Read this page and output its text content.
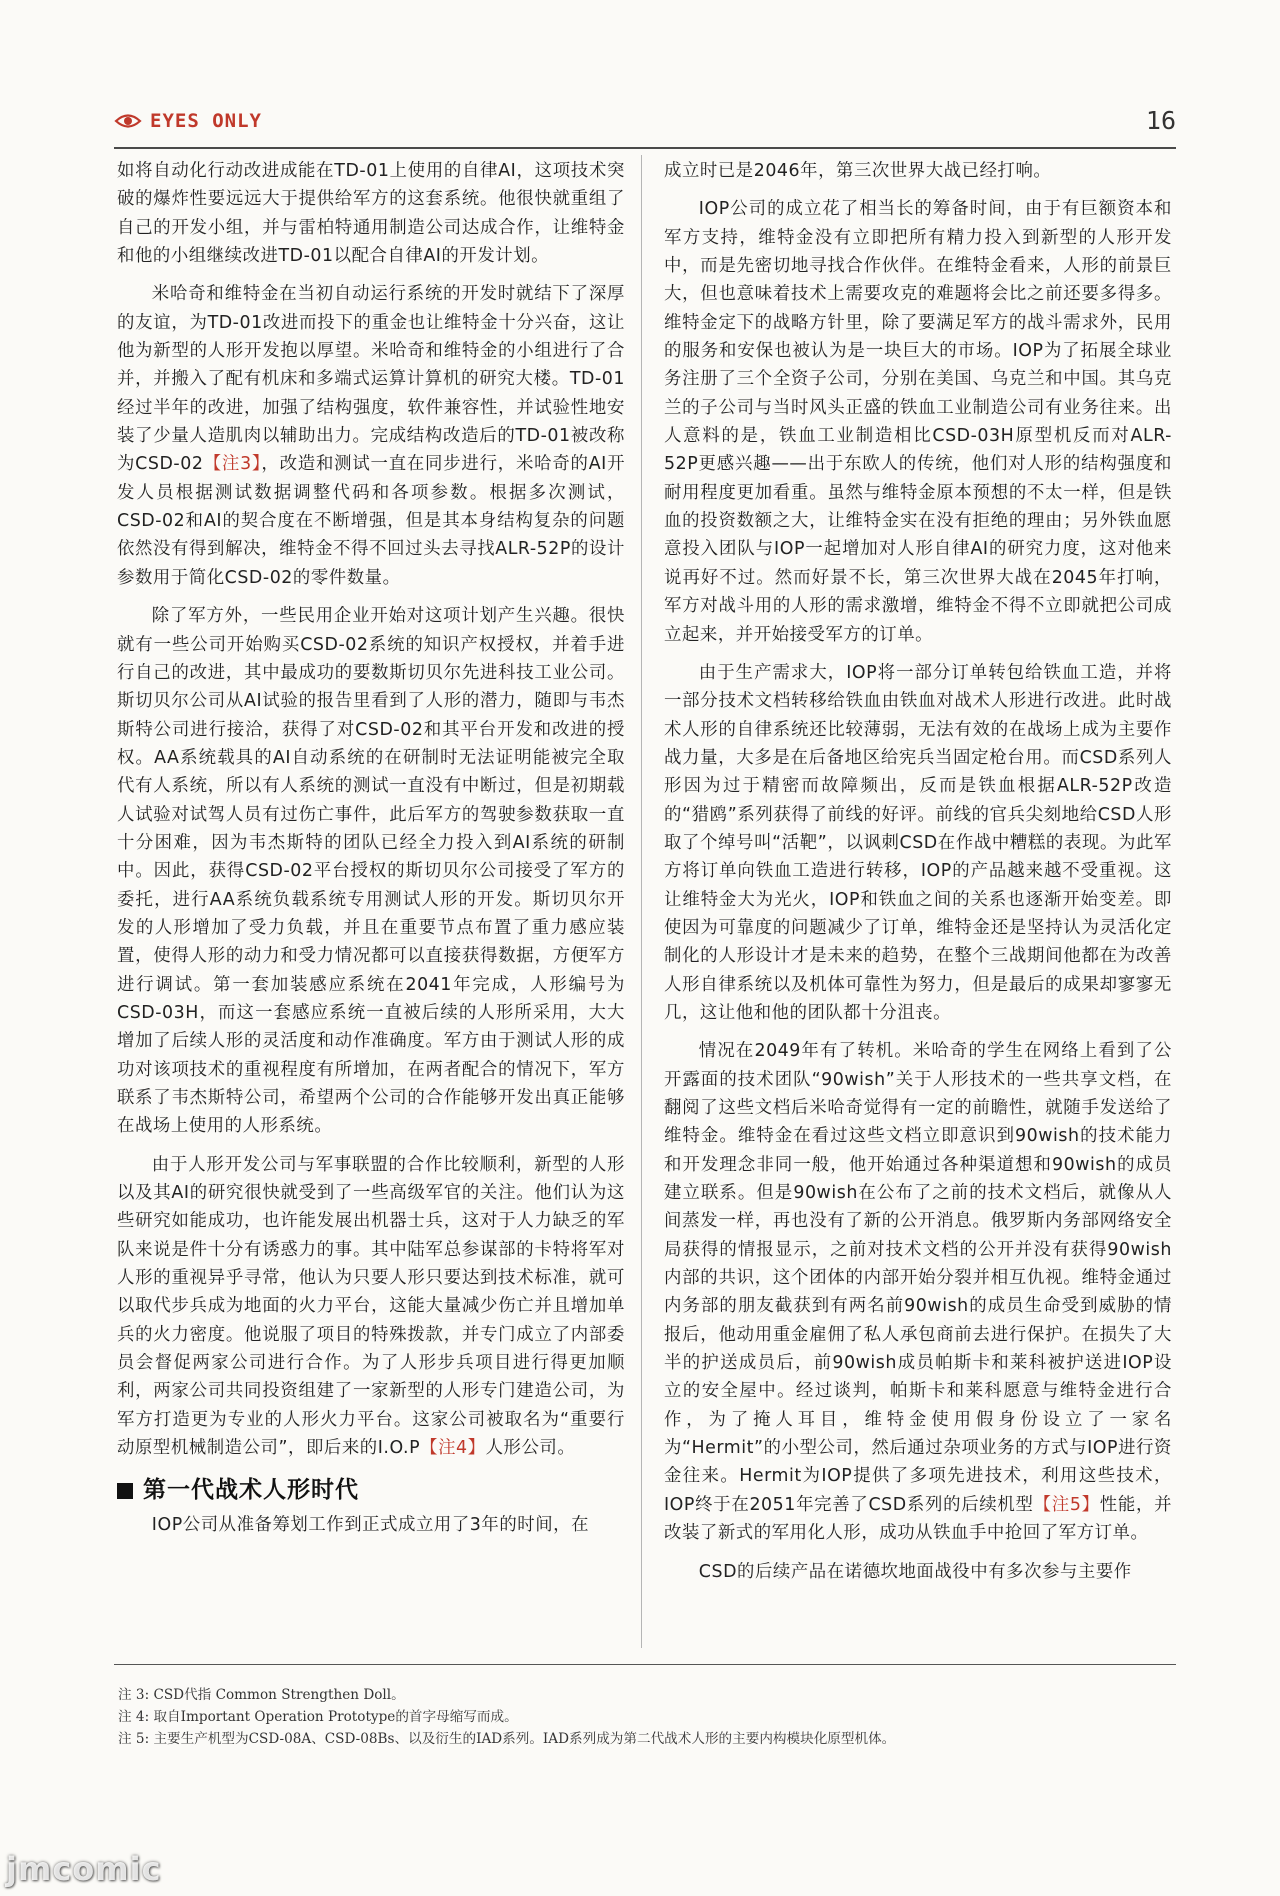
EYES ONLY	16

如将自动化行动改进成能在TD-01上使用的自律AI，这项技术突破的爆炸性要远远大于提供给军方的这套系统。他很快就重组了自己的开发小组，并与雷柏特通用制造公司达成合作，让维特金和他的小组继续改进TD-01以配合自律AI的开发计划。

米哈奇和维特金在当初自动运行系统的开发时就结下了深厚的友谊，为TD-01改进而投下的重金也让维特金十分兴奋，这让他为新型的人形开发抱以厚望。米哈奇和维特金的小组进行了合并，并搬入了配有机床和多端式运算计算机的研究大楼。TD-01经过半年的改进，加强了结构强度，软件兼容性，并试验性地安装了少量人造肌肉以辅助出力。完成结构改造后的TD-01被改称为CSD-02【注3】，改造和测试一直在同步进行，米哈奇的AI开发人员根据测试数据调整代码和各项参数。根据多次测试，CSD-02和AI的契合度在不断增强，但是其本身结构复杂的问题依然没有得到解决，维特金不得不回过头去寻找ALR-52P的设计参数用于简化CSD-02的零件数量。

除了军方外，一些民用企业开始对这项计划产生兴趣。很快就有一些公司开始购买CSD-02系统的知识产权授权，并着手进行自己的改进，其中最成功的要数斯切贝尔先进科技工业公司。斯切贝尔公司从AI试验的报告里看到了人形的潜力，随即与韦杰斯特公司进行接洽，获得了对CSD-02和其平台开发和改进的授权。AA系统载具的AI自动系统的在研制时无法证明能被完全取代有人系统，所以有人系统的测试一直没有中断过，但是初期载人试验对试驾人员有过伤亡事件，此后军方的驾驶参数获取一直十分困难，因为韦杰斯特的团队已经全力投入到AI系统的研制中。因此，获得CSD-02平台授权的斯切贝尔公司接受了军方的委托，进行AA系统负载系统专用测试人形的开发。斯切贝尔开发的人形增加了受力负载，并且在重要节点布置了重力感应装置，使得人形的动力和受力情况都可以直接获得数据，方便军方进行调试。第一套加装感应系统在2041年完成，人形编号为CSD-03H，而这一套感应系统一直被后续的人形所采用，大大增加了后续人形的灵活度和动作准确度。军方由于测试人形的成功对该项技术的重视程度有所增加，在两者配合的情况下，军方联系了韦杰斯特公司，希望两个公司的合作能够开发出真正能够在战场上使用的人形系统。

由于人形开发公司与军事联盟的合作比较顺利，新型的人形以及其AI的研究很快就受到了一些高级军官的关注。他们认为这些研究如能成功，也许能发展出机器士兵，这对于人力缺乏的军队来说是件十分有诱惑力的事。其中陆军总参谋部的卡特将军对人形的重视异乎寻常，他认为只要人形只要达到技术标准，就可以取代步兵成为地面的火力平台，这能大量减少伤亡并且增加单兵的火力密度。他说服了项目的特殊拨款，并专门成立了内部委员会督促两家公司进行合作。为了人形步兵项目进行得更加顺利，两家公司共同投资组建了一家新型的人形专门建造公司，为军方打造更为专业的人形火力平台。这家公司被取名为“重要行动原型机械制造公司”，即后来的I.O.P【注4】人形公司。

第一代战术人形时代

IOP公司从准备筹划工作到正式成立用了3年的时间，在

成立时已是2046年，第三次世界大战已经打响。

IOP公司的成立花了相当长的筹备时间，由于有巨额资本和军方支持，维特金没有立即把所有精力投入到新型的人形开发中，而是先密切地寻找合作伙伴。在维特金看来，人形的前景巨大，但也意味着技术上需要攻克的难题将会比之前还要多得多。维特金定下的战略方针里，除了要满足军方的战斗需求外，民用的服务和安保也被认为是一块巨大的市场。IOP为了拓展全球业务注册了三个全资子公司，分别在美国、乌克兰和中国。其乌克兰的子公司与当时风头正盛的铁血工业制造公司有业务往来。出人意料的是，铁血工业制造相比CSD-03H原型机反而对ALR-52P更感兴趣——出于东欧人的传统，他们对人形的结构强度和耐用程度更加看重。虽然与维特金原本预想的不太一样，但是铁血的投资数额之大，让维特金实在没有拒绝的理由；另外铁血愿意投入团队与IOP一起增加对人形自律AI的研究力度，这对他来说再好不过。然而好景不长，第三次世界大战在2045年打响，军方对战斗用的人形的需求激增，维特金不得不立即就把公司成立起来，并开始接受军方的订单。

由于生产需求大，IOP将一部分订单转包给铁血工造，并将一部分技术文档转移给铁血由铁血对战术人形进行改进。此时战术人形的自律系统还比较薄弱，无法有效的在战场上成为主要作战力量，大多是在后备地区给宪兵当固定枪台用。而CSD系列人形因为过于精密而故障频出，反而是铁血根据ALR-52P改造的“猎鸥”系列获得了前线的好评。前线的官兵尖刻地给CSD人形取了个绰号叫“活靶”，以讽刺CSD在作战中糟糕的表现。为此军方将订单向铁血工造进行转移，IOP的产品越来越不受重视。这让维特金大为光火，IOP和铁血之间的关系也逐渐开始变差。即使因为可靠度的问题减少了订单，维特金还是坚持认为灵活化定制化的人形设计才是未来的趋势，在整个三战期间他都在为改善人形自律系统以及机体可靠性为努力，但是最后的成果却寥寥无几，这让他和他的团队都十分沮丧。

情况在2049年有了转机。米哈奇的学生在网络上看到了公开露面的技术团队“90wish”关于人形技术的一些共享文档，在翻阅了这些文档后米哈奇觉得有一定的前瞻性，就随手发送给了维特金。维特金在看过这些文档立即意识到90wish的技术能力和开发理念非同一般，他开始通过各种渠道想和90wish的成员建立联系。但是90wish在公布了之前的技术文档后，就像从人间蒸发一样，再也没有了新的公开消息。俄罗斯内务部网络安全局获得的情报显示，之前对技术文档的公开并没有获得90wish内部的共识，这个团体的内部开始分裂并相互仇视。维特金通过内务部的朋友截获到有两名前90wish的成员生命受到威胁的情报后，他动用重金雇佣了私人承包商前去进行保护。在损失了大半的护送成员后，前90wish成员帕斯卡和莱科被护送进IOP设立的安全屋中。经过谈判，帕斯卡和莱科愿意与维特金进行合作，为了掩人耳目，维特金使用假身份设立了一家名为“Hermit”的小型公司，然后通过杂项业务的方式与IOP进行资金往来。Hermit为IOP提供了多项先进技术，利用这些技术，IOP终于在2051年完善了CSD系列的后续机型【注5】性能，并改装了新式的军用化人形，成功从铁血手中抢回了军方订单。

CSD的后续产品在诺德坎地面战役中有多次参与主要作

注 3: CSD代指 Common Strengthen Doll。
注 4: 取自Important Operation Prototype的首字母缩写而成。
注 5: 主要生产机型为CSD-08A、CSD-08Bs、以及衍生的IAD系列。IAD系列成为第二代战术人形的主要内构模块化原型机体。
jmcomic
